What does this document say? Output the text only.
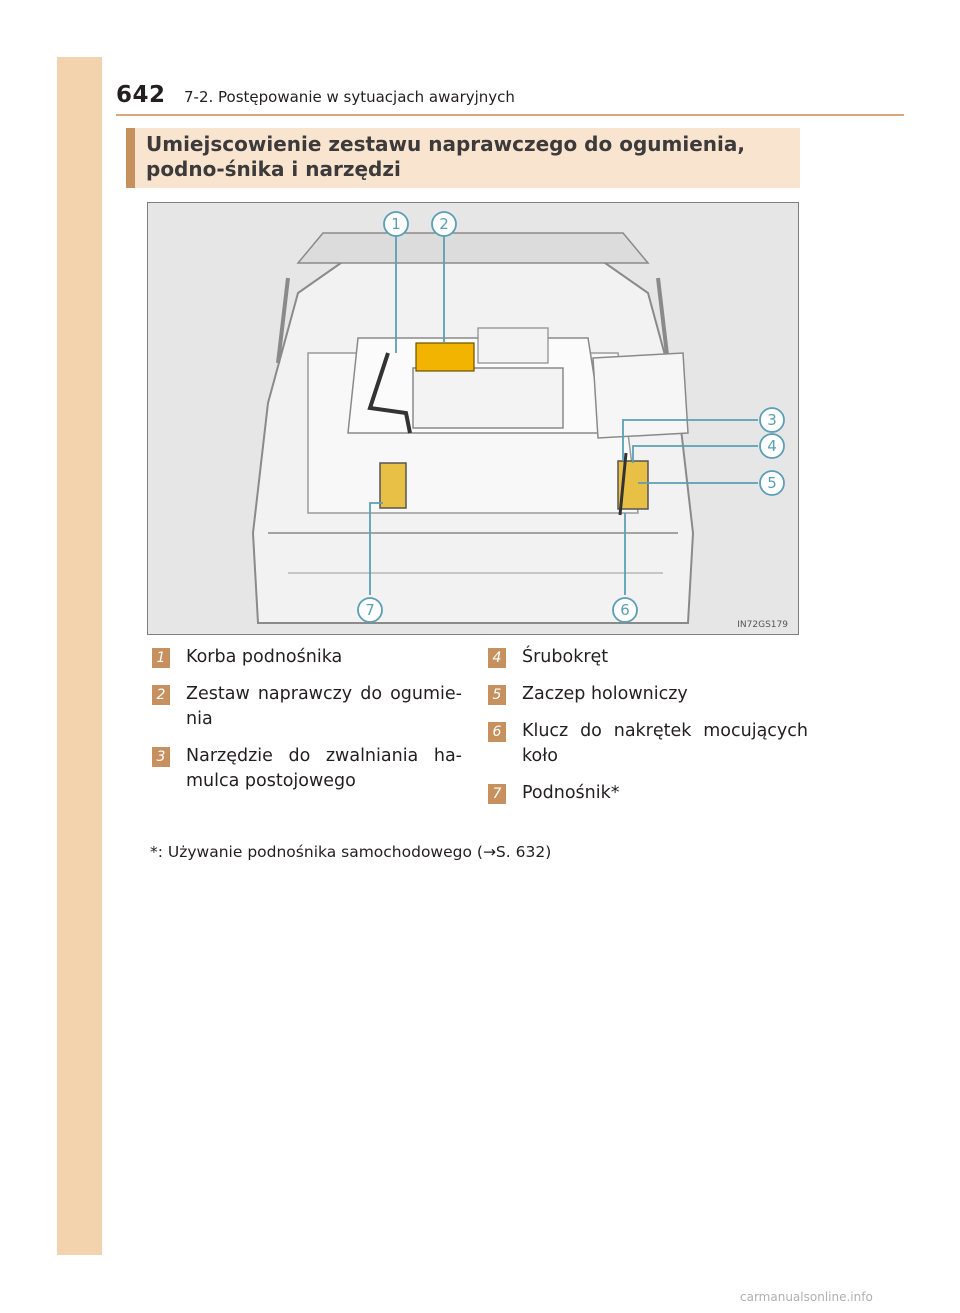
642 7-2. Postępowanie w sytuacjach awaryjnych
Umiejscowienie zestawu naprawczego do ogumienia, podno-śnika i narzędzi
1	2
3
4
5
6
7
IN72GS179
1 Korba podnośnika
2 Zestaw naprawczy do ogumie-nia
3 Narzędzie do zwalniania ha-mulca postojowego
4 Śrubokręt
5 Zaczep holowniczy
6 Klucz do nakrętek mocujących koło
7 Podnośnik*
*: Używanie podnośnika samochodowego (→S. 632)
carmanualsonline.info
